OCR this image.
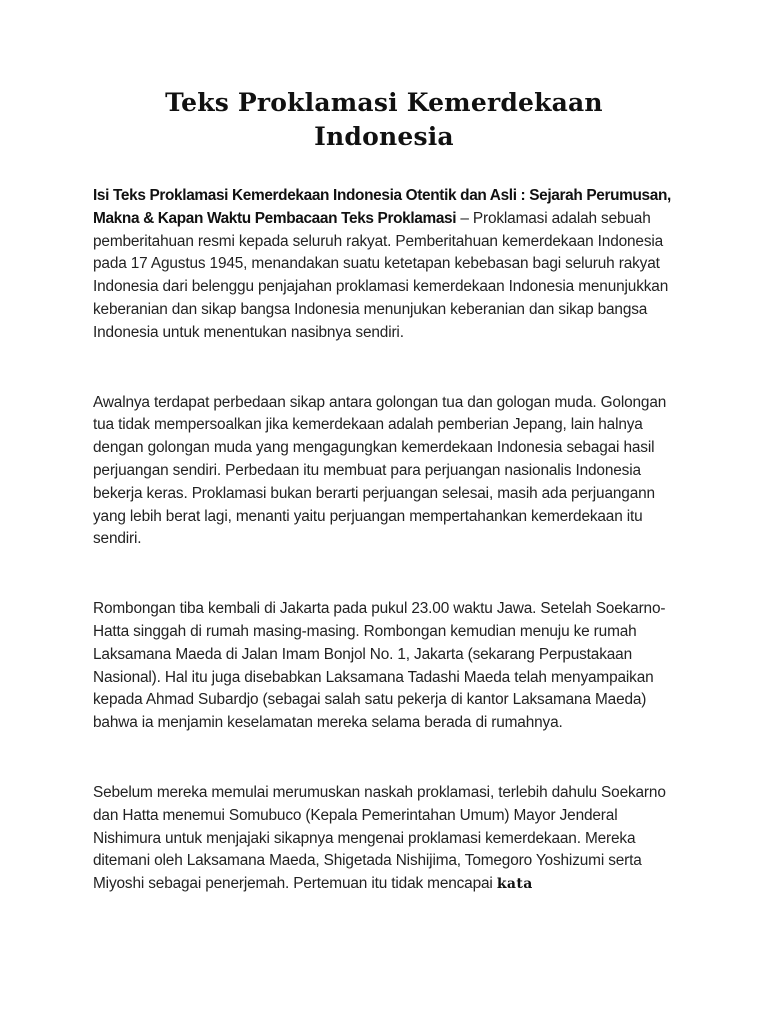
Teks Proklamasi Kemerdekaan Indonesia

Isi Teks Proklamasi Kemerdekaan Indonesia Otentik dan Asli : Sejarah Perumusan, Makna & Kapan Waktu Pembacaan Teks Proklamasi – Proklamasi adalah sebuah pemberitahuan resmi kepada seluruh rakyat. Pemberitahuan kemerdekaan Indonesia pada 17 Agustus 1945, menandakan suatu ketetapan kebebasan bagi seluruh rakyat Indonesia dari belenggu penjajahan proklamasi kemerdekaan Indonesia menunjukkan keberanian dan sikap bangsa Indonesia menunjukan keberanian dan sikap bangsa Indonesia untuk menentukan nasibnya sendiri.

Awalnya terdapat perbedaan sikap antara golongan tua dan gologan muda. Golongan tua tidak mempersoalkan jika kemerdekaan adalah pemberian Jepang, lain halnya dengan golongan muda yang mengagungkan kemerdekaan Indonesia sebagai hasil perjuangan sendiri. Perbedaan itu membuat para perjuangan nasionalis Indonesia bekerja keras. Proklamasi bukan berarti perjuangan selesai, masih ada perjuangann yang lebih berat lagi, menanti yaitu perjuangan mempertahankan kemerdekaan itu sendiri.

Rombongan tiba kembali di Jakarta pada pukul 23.00 waktu Jawa. Setelah Soekarno-Hatta singgah di rumah masing-masing. Rombongan kemudian menuju ke rumah Laksamana Maeda di Jalan Imam Bonjol No. 1, Jakarta (sekarang Perpustakaan Nasional). Hal itu juga disebabkan Laksamana Tadashi Maeda telah menyampaikan kepada Ahmad Subardjo (sebagai salah satu pekerja di kantor Laksamana Maeda) bahwa ia menjamin keselamatan mereka selama berada di rumahnya.

Sebelum mereka memulai merumuskan naskah proklamasi, terlebih dahulu Soekarno dan Hatta menemui Somubuco (Kepala Pemerintahan Umum) Mayor Jenderal Nishimura untuk menjajaki sikapnya mengenai proklamasi kemerdekaan. Mereka ditemani oleh Laksamana Maeda, Shigetada Nishijima, Tomegoro Yoshizumi serta Miyoshi sebagai penerjemah. Pertemuan itu tidak mencapai kata
